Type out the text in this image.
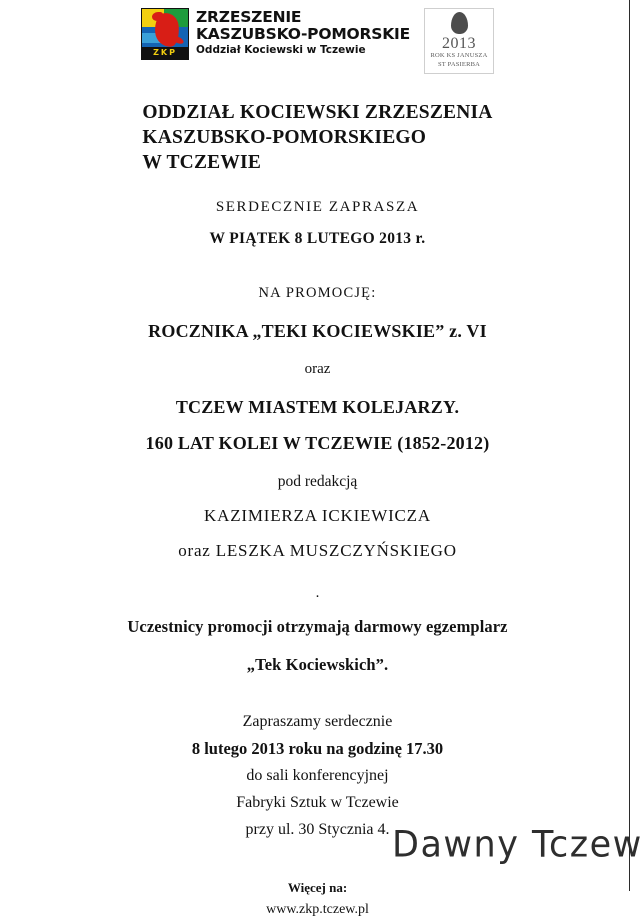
ZKP
ZRZESZENIE
KASZUBSKO-POMORSKIE
Oddział Kociewski w Tczewie	2013
ROK KS JANUSZA
ST PASIERBA

ODDZIAŁ KOCIEWSKI ZRZESZENIA

KASZUBSKO-POMORSKIEGO

W TCZEWIE

SERDECZNIE ZAPRASZA

W PIĄTEK 8 LUTEGO 2013 r.

NA PROMOCJĘ:

ROCZNIKA „TEKI KOCIEWSKIE” z. VI

oraz

TCZEW MIASTEM KOLEJARZY.

160 LAT KOLEI W TCZEWIE (1852-2012)

pod redakcją

KAZIMIERZA ICKIEWICZA

oraz LESZKA MUSZCZYŃSKIEGO

.

Uczestnicy promocji otrzymają darmowy egzemplarz

„Tek Kociewskich”.

Zapraszamy serdecznie

8 lutego 2013 roku na godzinę 17.30

do sali konferencyjnej

Fabryki Sztuk w Tczewie

przy ul. 30 Stycznia 4.

Więcej na:

www.zkp.tczew.pl

Dawny Tczew
